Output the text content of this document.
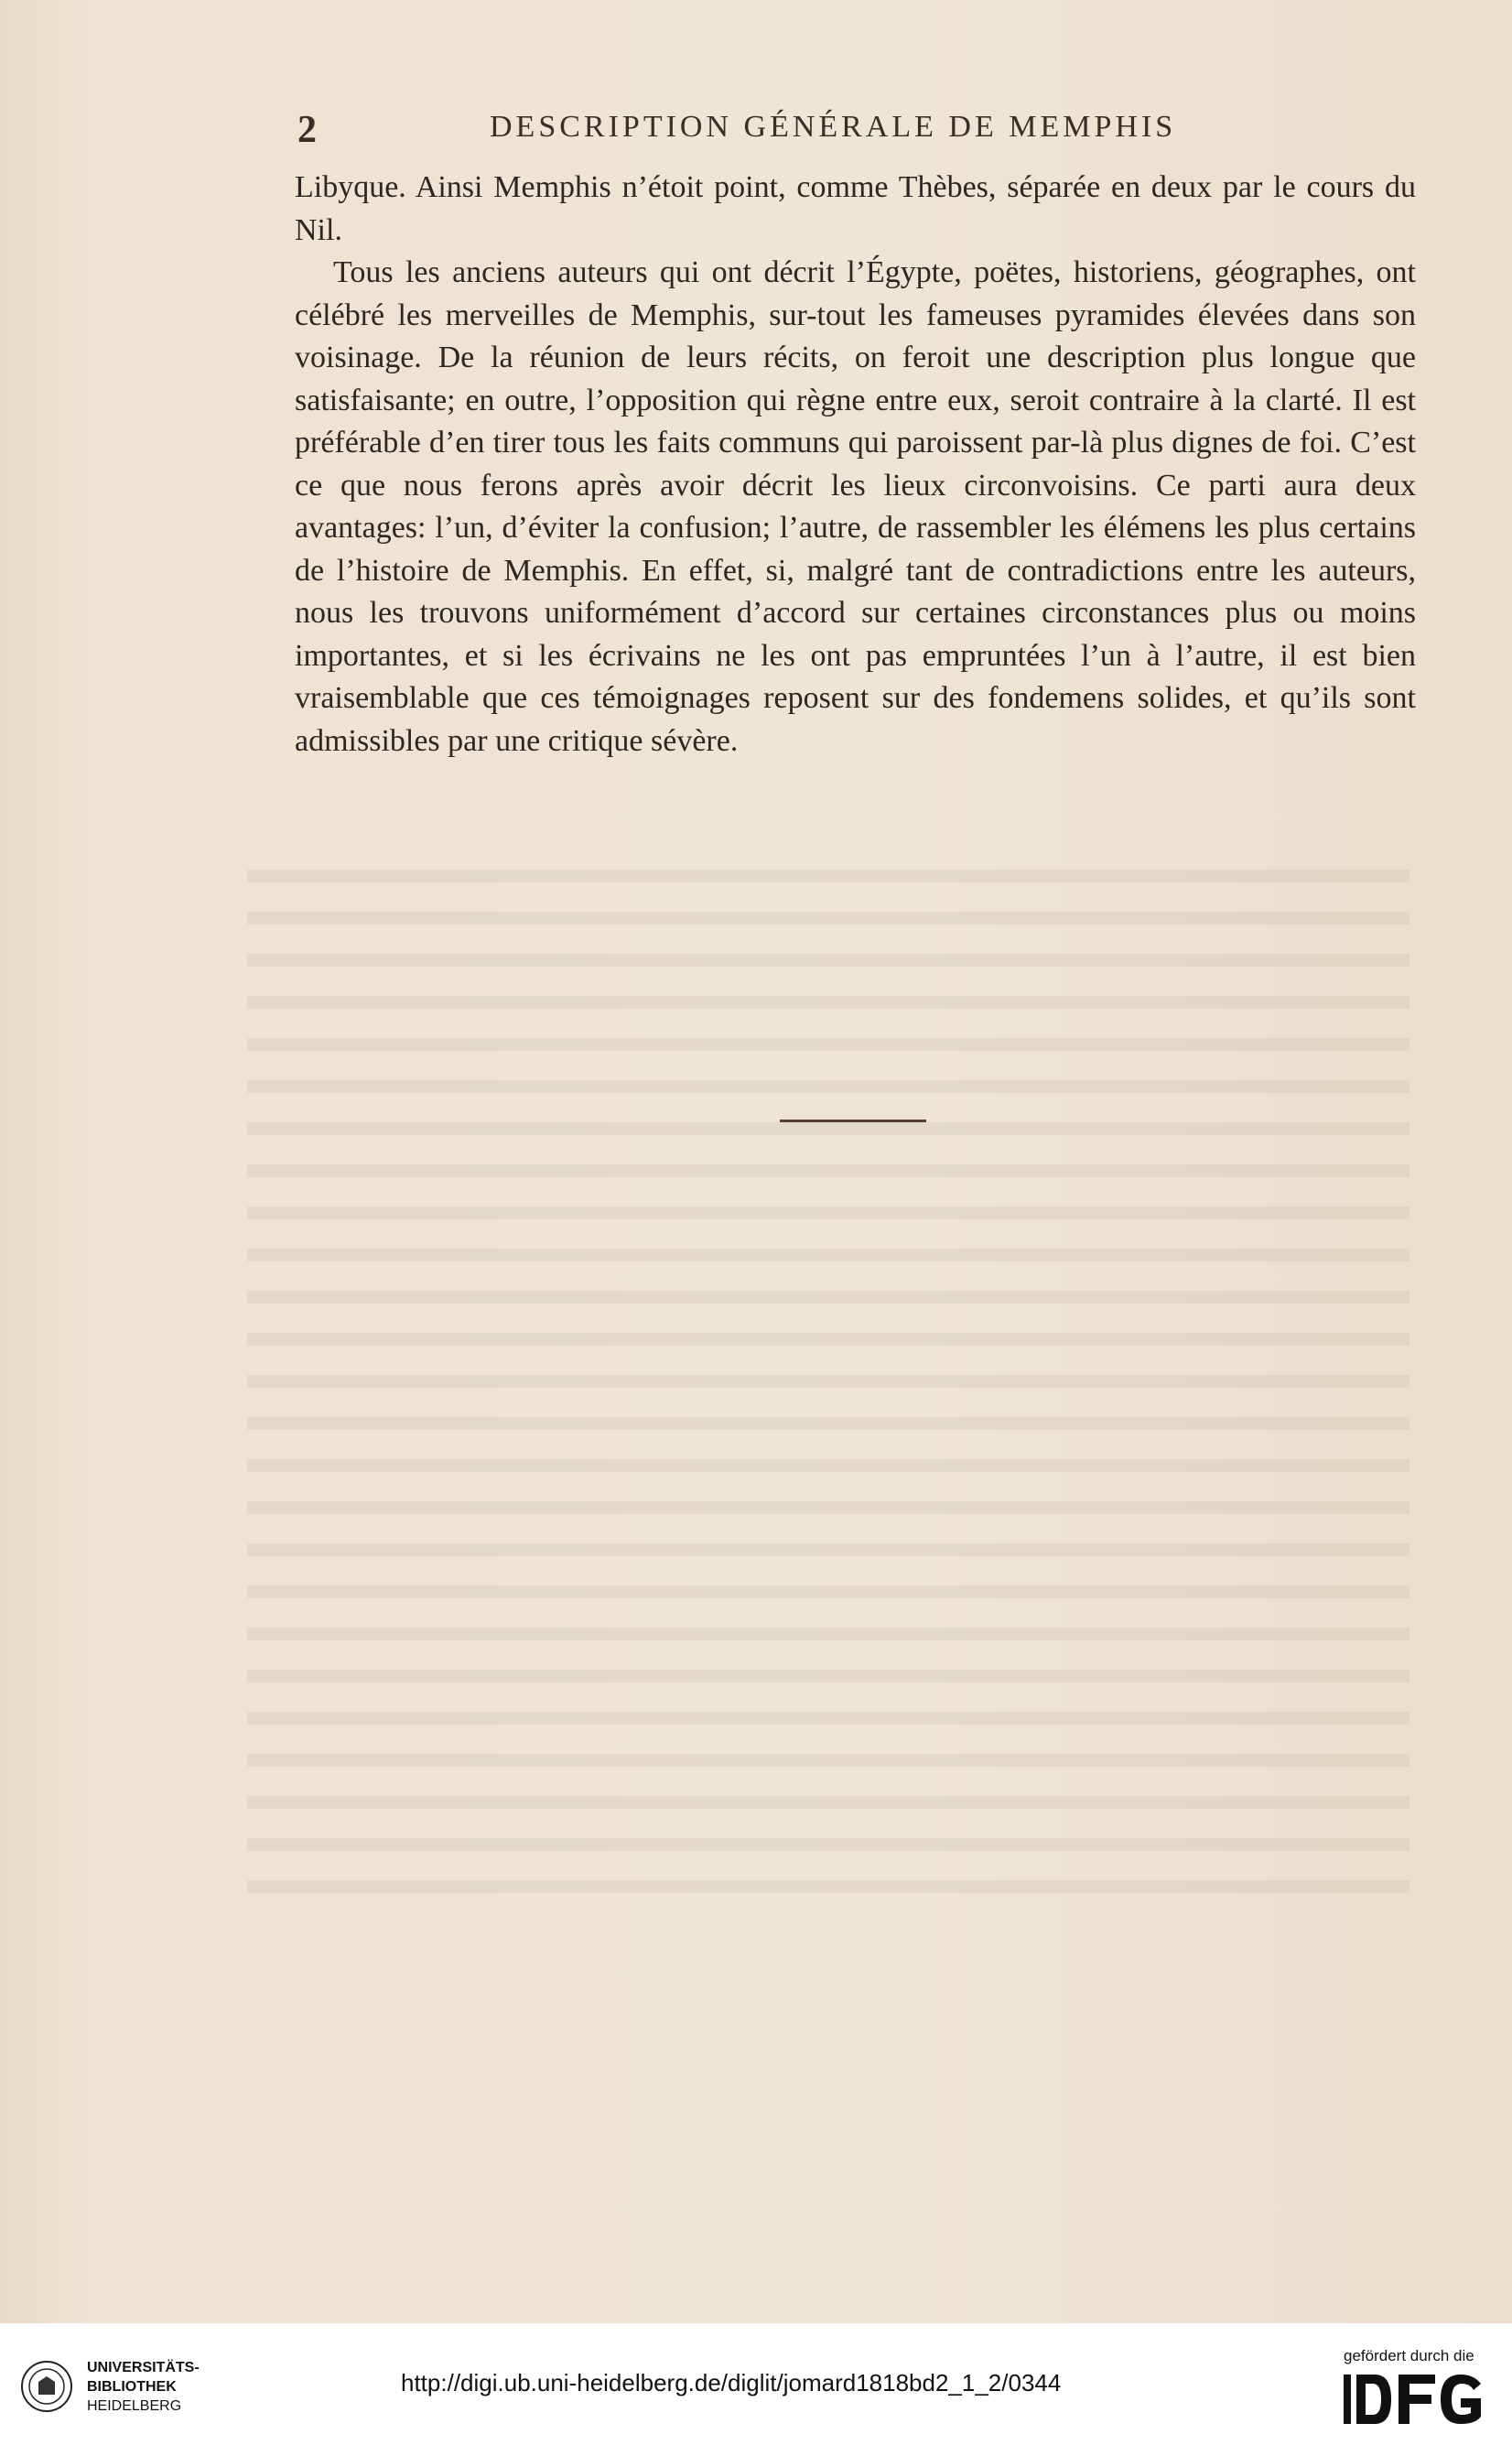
2	DESCRIPTION GÉNÉRALE DE MEMPHIS

Libyque. Ainsi Memphis n’étoit point, comme Thèbes, séparée en deux par le cours du Nil.

Tous les anciens auteurs qui ont décrit l’Égypte, poëtes, historiens, géographes, ont célébré les merveilles de Memphis, sur-tout les fameuses pyramides élevées dans son voisinage. De la réunion de leurs récits, on feroit une description plus longue que satisfaisante; en outre, l’opposition qui règne entre eux, seroit contraire à la clarté. Il est préférable d’en tirer tous les faits communs qui paroissent par-là plus dignes de foi. C’est ce que nous ferons après avoir décrit les lieux circonvoisins. Ce parti aura deux avantages: l’un, d’éviter la confusion; l’autre, de rassembler les élémens les plus certains de l’histoire de Memphis. En effet, si, malgré tant de contradictions entre les auteurs, nous les trouvons uniformément d’accord sur certaines circonstances plus ou moins importantes, et si les écrivains ne les ont pas empruntées l’un à l’autre, il est bien vraisemblable que ces témoignages reposent sur des fondemens solides, et qu’ils sont admissibles par une critique sévère.

UNIVERSITÄTS-
BIBLIOTHEK
HEIDELBERG
http://digi.ub.uni-heidelberg.de/diglit/jomard1818bd2_1_2/0344
gefördert durch die
